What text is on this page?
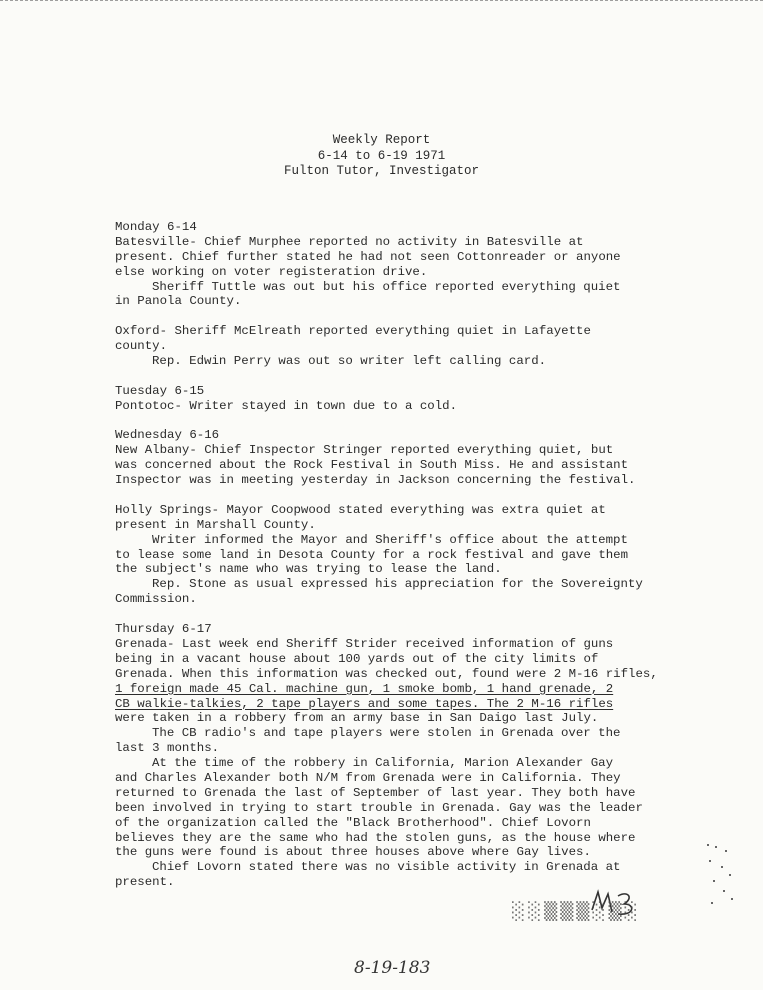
Weekly Report
6-14 to 6-19 1971
Fulton Tutor, Investigator
Monday 6-14
Batesville- Chief Murphee reported no activity in Batesville at
present. Chief further stated he had not seen Cottonreader or anyone
else working on voter registeration drive.
Sheriff Tuttle was out but his office reported everything quiet
in Panola County.
Oxford- Sheriff McElreath reported everything quiet in Lafayette
county.
Rep. Edwin Perry was out so writer left calling card.
Tuesday 6-15
Pontotoc- Writer stayed in town due to a cold.
Wednesday 6-16
New Albany- Chief Inspector Stringer reported everything quiet, but
was concerned about the Rock Festival in South Miss. He and assistant
Inspector was in meeting yesterday in Jackson concerning the festival.
Holly Springs- Mayor Coopwood stated everything was extra quiet at
present in Marshall County.
Writer informed the Mayor and Sheriff's office about the attempt
to lease some land in Desota County for a rock festival and gave them
the subject's name who was trying to lease the land.
Rep. Stone as usual expressed his appreciation for the Sovereignty
Commission.
Thursday 6-17
Grenada- Last week end Sheriff Strider received information of guns
being in a vacant house about 100 yards out of the city limits of
Grenada. When this information was checked out, found were 2 M-16 rifles,
1 foreign made 45 Cal. machine gun, 1 smoke bomb, 1 hand grenade, 2
CB walkie-talkies, 2 tape players and some tapes. The 2 M-16 rifles
were taken in a robbery from an army base in San Daigo last July.
The CB radio's and tape players were stolen in Grenada over the
last 3 months.
At the time of the robbery in California, Marion Alexander Gay
and Charles Alexander both N/M from Grenada were in California. They
returned to Grenada the last of September of last year. They both have
been involved in trying to start trouble in Grenada. Gay was the leader
of the organization called the "Black Brotherhood". Chief Lovorn
believes they are the same who had the stolen guns, as the house where
the guns were found is about three houses above where Gay lives.
Chief Lovorn stated there was no visible activity in Grenada at
present.
░░▒▒▒░▒░
8-19-183
